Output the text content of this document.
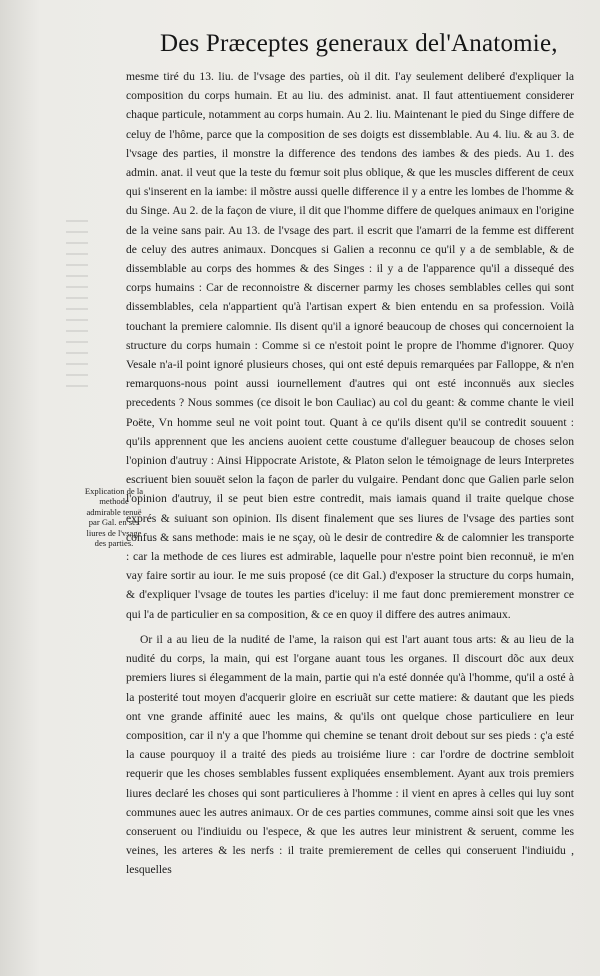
Des Præceptes generaux del'Anatomie,

mesme tiré du 13. liu. de l'vsage des parties, où il dit. I'ay seulement deliberé d'expliquer la composition du corps humain. Et au liu. des administ. anat. Il faut attentiuement considerer chaque particule, notamment au corps humain. Au 2. liu. Maintenant le pied du Singe differe de celuy de l'hôme, parce que la composition de ses doigts est dissemblable. Au 4. liu. & au 3. de l'vsage des parties, il monstre la difference des tendons des iambes & des pieds. Au 1. des admin. anat. il veut que la teste du fœmur soit plus oblique, & que les muscles different de ceux qui s'inserent en la iambe: il mõstre aussi quelle difference il y a entre les lombes de l'homme & du Singe. Au 2. de la façon de viure, il dit que l'homme differe de quelques animaux en l'origine de la veine sans pair. Au 13. de l'vsage des part. il escrit que l'amarri de la femme est different de celuy des autres animaux. Doncques si Galien a reconnu ce qu'il y a de semblable, & de dissemblable au corps des hommes & des Singes : il y a de l'apparence qu'il a dissequé des corps humains : Car de reconnoistre & discerner parmy les choses semblables celles qui sont dissemblables, cela n'appartient qu'à l'artisan expert & bien entendu en sa profession. Voilà touchant la premiere calomnie. Ils disent qu'il a ignoré beaucoup de choses qui concernoient la structure du corps humain : Comme si ce n'estoit point le propre de l'homme d'ignorer. Quoy Vesale n'a-il point ignoré plusieurs choses, qui ont esté depuis remarquées par Falloppe, & n'en remarquons-nous point aussi iournellement d'autres qui ont esté inconnuës aux siecles precedents ? Nous sommes (ce disoit le bon Cauliac) au col du geant: & comme chante le vieil Poëte, Vn homme seul ne voit point tout. Quant à ce qu'ils disent qu'il se contredit souuent : qu'ils apprennent que les anciens auoient cette coustume d'alleguer beaucoup de choses selon l'opinion d'autruy : Ainsi Hippocrate Aristote, & Platon selon le témoignage de leurs Interpretes escriuent bien souuët selon la façon de parler du vulgaire. Pendant donc que Galien parle selon l'opinion d'autruy, il se peut bien estre contredit, mais iamais quand il traite quelque chose exprés & suiuant son opinion. Ils disent finalement que ses liures de l'vsage des parties sont confus & sans methode: mais ie ne sçay, où le desir de contredire & de calomnier les transporte : car la methode de ces liures est admirable, laquelle pour n'estre point bien reconnuë, ie m'en vay faire sortir au iour. Ie me suis proposé (ce dit Gal.) d'exposer la structure du corps humain, & d'expliquer l'vsage de toutes les parties d'iceluy: il me faut donc premierement monstrer ce qui l'a de particulier en sa composition, & ce en quoy il differe des autres animaux.

Or il a au lieu de la nudité de l'ame, la raison qui est l'art auant tous arts: & au lieu de la nudité du corps, la main, qui est l'organe auant tous les organes. Il discourt dõc aux deux premiers liures si élegamment de la main, partie qui n'a esté donnée qu'à l'homme, qu'il a osté à la posterité tout moyen d'acquerir gloire en escriuãt sur cette matiere: & dautant que les pieds ont vne grande affinité auec les mains, & qu'ils ont quelque chose particuliere en leur composition, car il n'y a que l'homme qui chemine se tenant droit debout sur ses pieds : ç'a esté la cause pourquoy il a traité des pieds au troisiéme liure : car l'ordre de doctrine sembloit requerir que les choses semblables fussent expliquées ensemblement. Ayant aux trois premiers liures declaré les choses qui sont particulieres à l'homme : il vient en apres à celles qui luy sont communes auec les autres animaux. Or de ces parties communes, comme ainsi soit que les vnes conseruent ou l'indiuidu ou l'espece, & que les autres leur ministrent & seruent, comme les veines, les arteres & les nerfs : il traite premierement de celles qui conseruent l'indiuidu , lesquelles

Explication de la methode admirable tenuë par Gal. en ses liures de l'vsage des parties.
